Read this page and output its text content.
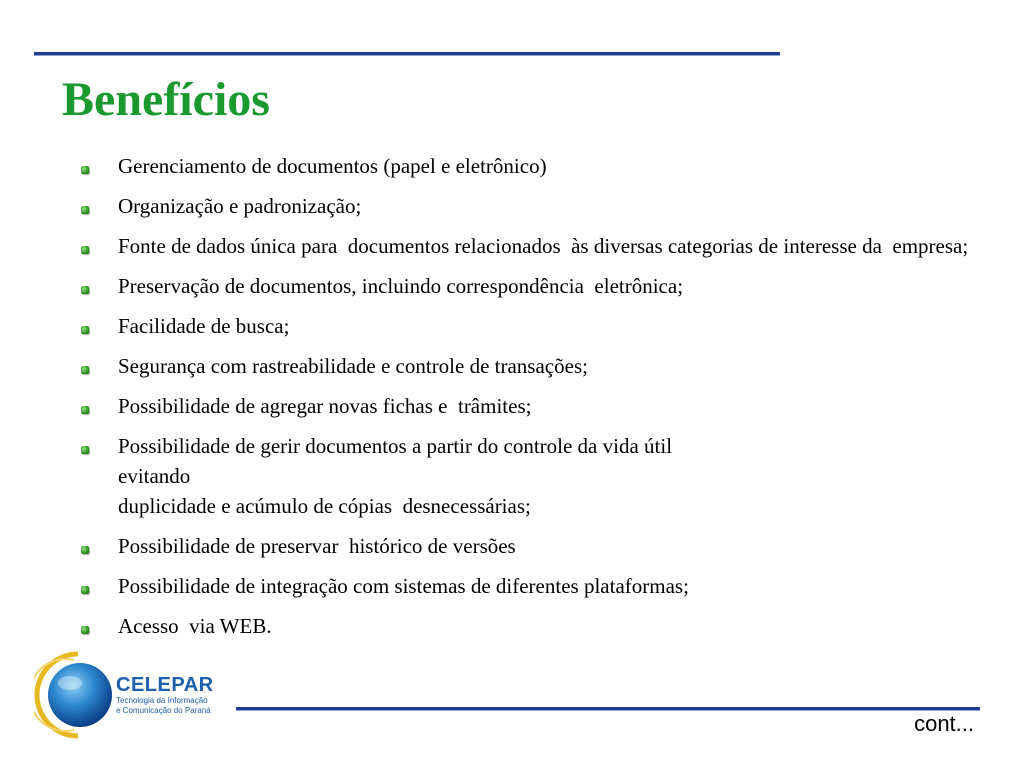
Benefícios
Gerenciamento de documentos (papel e eletrônico)
Organização e padronização;
Fonte de dados única para  documentos relacionados  às diversas categorias de interesse da  empresa;
Preservação de documentos, incluindo correspondência  eletrônica;
Facilidade de busca;
Segurança com rastreabilidade e controle de transações;
Possibilidade de agregar novas fichas e  trâmites;
Possibilidade de gerir documentos a partir do controle da vida útil
evitando
duplicidade e acúmulo de cópias  desnecessárias;
Possibilidade de preservar  histórico de versões
Possibilidade de integração com sistemas de diferentes plataformas;
Acesso  via WEB.
CELEPAR
Tecnologia da Informação
e Comunicação do Paraná
cont...
